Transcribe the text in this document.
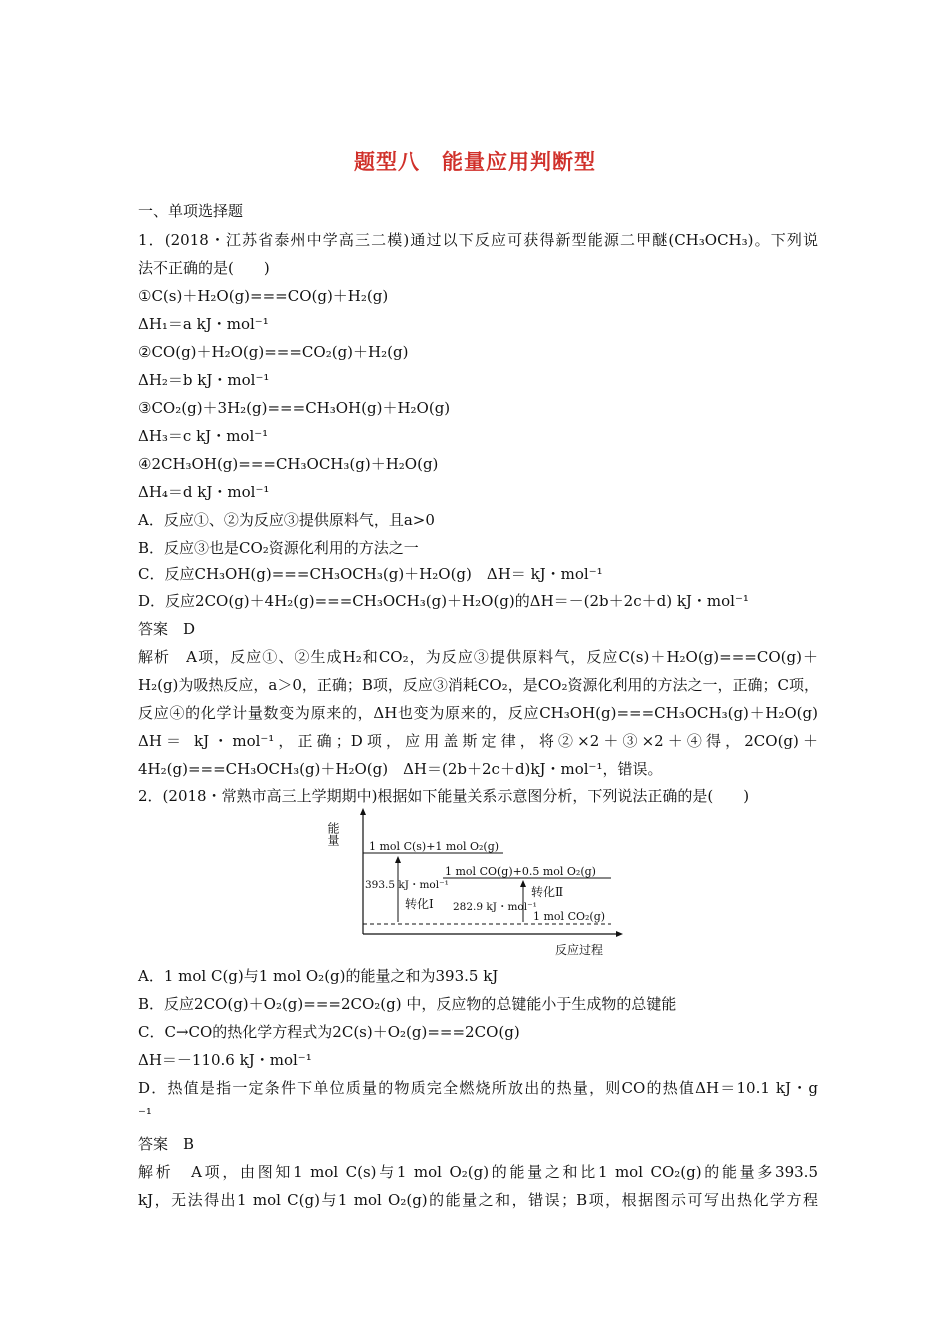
题型八　能量应用判断型
一、单项选择题
1．(2018・江苏省泰州中学高三二模)通过以下反应可获得新型能源二甲醚(CH₃OCH₃)。下列说
法不正确的是(　　)
①C(s)＋H₂O(g)===CO(g)＋H₂(g)
ΔH₁＝a kJ・mol⁻¹
②CO(g)＋H₂O(g)===CO₂(g)＋H₂(g)
ΔH₂＝b kJ・mol⁻¹
③CO₂(g)＋3H₂(g)===CH₃OH(g)＋H₂O(g)
ΔH₃＝c kJ・mol⁻¹
④2CH₃OH(g)===CH₃OCH₃(g)＋H₂O(g)
ΔH₄＝d kJ・mol⁻¹
A．反应①、②为反应③提供原料气，且a>0
B．反应③也是CO₂资源化利用的方法之一
C．反应CH₃OH(g)===CH₃OCH₃(g)＋H₂O(g)　ΔH＝ kJ・mol⁻¹
D．反应2CO(g)＋4H₂(g)===CH₃OCH₃(g)＋H₂O(g)的ΔH＝－(2b＋2c＋d) kJ・mol⁻¹
答案　D
解析　A项，反应①、②生成H₂和CO₂，为反应③提供原料气，反应C(s)＋H₂O(g)===CO(g)＋
H₂(g)为吸热反应，a＞0，正确；B项，反应③消耗CO₂，是CO₂资源化利用的方法之一，正确；C项，
反应④的化学计量数变为原来的，ΔH也变为原来的，反应CH₃OH(g)===CH₃OCH₃(g)＋H₂O(g)
ΔH＝ kJ・mol⁻¹，正确；D项，应用盖斯定律，将②×2＋③×2＋④得，2CO(g)＋
4H₂(g)===CH₃OCH₃(g)＋H₂O(g)　ΔH＝(2b＋2c＋d)kJ・mol⁻¹，错误。
2．(2018・常熟市高三上学期期中)根据如下能量关系示意图分析，下列说法正确的是(　　)
能量
反应过程
1 mol C(s)+1 mol O₂(g)
1 mol CO(g)+0.5 mol O₂(g)
1 mol CO₂(g)
393.5 kJ・mol⁻¹
转化Ⅰ 282.9 kJ・mol⁻¹
转化Ⅱ
A．1 mol C(g)与1 mol O₂(g)的能量之和为393.5 kJ
B．反应2CO(g)＋O₂(g)===2CO₂(g) 中，反应物的总键能小于生成物的总键能
C．C→CO的热化学方程式为2C(s)＋O₂(g)===2CO(g)
ΔH＝－110.6 kJ・mol⁻¹
D．热值是指一定条件下单位质量的物质完全燃烧所放出的热量，则CO的热值ΔH＝10.1 kJ・g
⁻¹
答案　B
解析　A项，由图知1 mol C(s)与1 mol O₂(g)的能量之和比1 mol CO₂(g)的能量多393.5
kJ，无法得出1 mol C(g)与1 mol O₂(g)的能量之和，错误；B项，根据图示可写出热化学方程
